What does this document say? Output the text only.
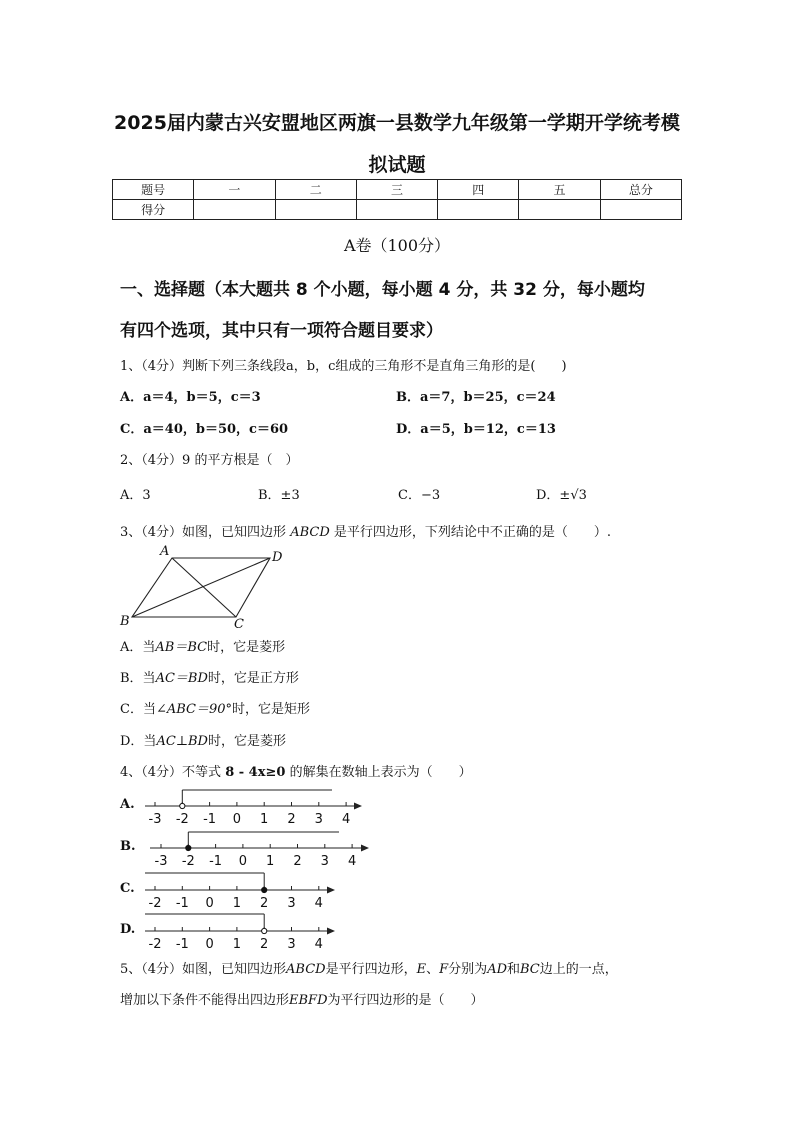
2025届内蒙古兴安盟地区两旗一县数学九年级第一学期开学统考模
拟试题
题号	一	二	三	四	五	总分
得分						
A卷（100分）
一、选择题（本大题共 8 个小题，每小题 4 分，共 32 分，每小题均
有四个选项，其中只有一项符合题目要求）
1、（4分）判断下列三条线段a，b，c组成的三角形不是直角三角形的是(　　)
A．a＝4，b＝5，c＝3	B．a＝7，b＝25，c＝24
C．a＝40，b＝50，c＝60	D．a＝5，b＝12，c＝13
2、（4分）9 的平方根是（　）
A．3	B．±3	C．−3	D．±√3
3、（4分）如图，已知四边形 ABCD 是平行四边形，下列结论中不正确的是（　　）.
A	D
B	C
A．当AB＝BC时，它是菱形
B．当AC＝BD时，它是正方形
C．当∠ABC＝90°时，它是矩形
D．当AC⊥BD时，它是菱形
4、（4分）不等式 8 - 4x≥0 的解集在数轴上表示为（　　）
A.
-3 -2 -1 0 1 2 3 4
B.
-3 -2 -1 0 1 2 3 4
C.
-2 -1 0 1 2 3 4
D.
-2 -1 0 1 2 3 4
5、（4分）如图，已知四边形ABCD是平行四边形，E、F分别为AD和BC边上的一点，
增加以下条件不能得出四边形EBFD为平行四边形的是（　　）
